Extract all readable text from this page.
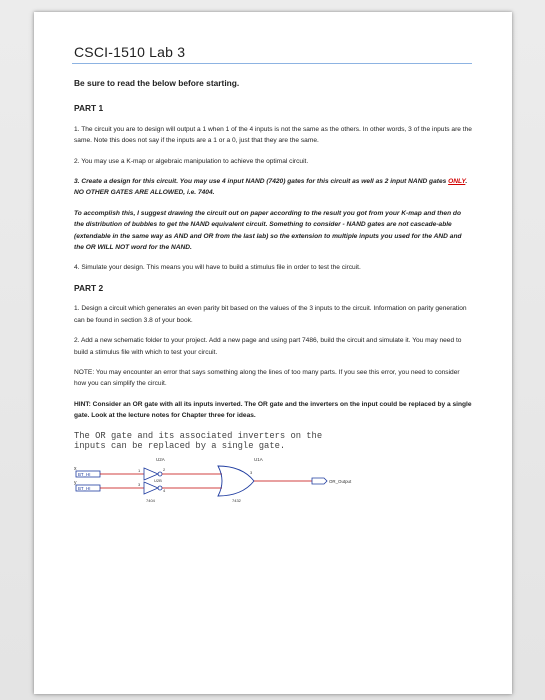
CSCI-1510 Lab 3
Be sure to read the below before starting.
PART 1
1. The circuit you are to design will output a 1 when 1 of the 4 inputs is not the same as the others. In other words, 3 of the inputs are the same. Note this does not say if the inputs are a 1 or a 0, just that they are the same.
2. You may use a K-map or algebraic manipulation to achieve the optimal circuit.
3. Create a design for this circuit. You may use 4 input NAND (7420) gates for this circuit as well as 2 input NAND gates ONLY. NO OTHER GATES ARE ALLOWED, i.e. 7404.
To accomplish this, I suggest drawing the circuit out on paper according to the result you got from your K-map and then do the distribution of bubbles to get the NAND equivalent circuit. Something to consider - NAND gates are not cascade-able (extendable in the same way as AND and OR from the last lab) so the extension to multiple inputs you used for the AND and the OR WILL NOT word for the NAND.
4. Simulate your design. This means you will have to build a stimulus file in order to test the circuit.
PART 2
1. Design a circuit which generates an even parity bit based on the values of the 3 inputs to the circuit. Information on parity generation can be found in section 3.8 of your book.
2. Add a new schematic folder to your project. Add a new page and using part 7486, build the circuit and simulate it. You may need to build a stimulus file with which to test your circuit.
NOTE: You may encounter an error that says something along the lines of too many parts. If you see this error, you need to consider how you can simplify the circuit.
HINT: Consider an OR gate with all its inputs inverted. The OR gate and the inverters on the input could be replaced by a single gate. Look at the lecture notes for Chapter three for ideas.
The OR gate and its associated inverters on the
inputs can be replaced by a single gate.
U2A	U1A
x
y
BT_HI
BT_HI
1	2
3
4
U2B
3
OR_Output
7404	7432
